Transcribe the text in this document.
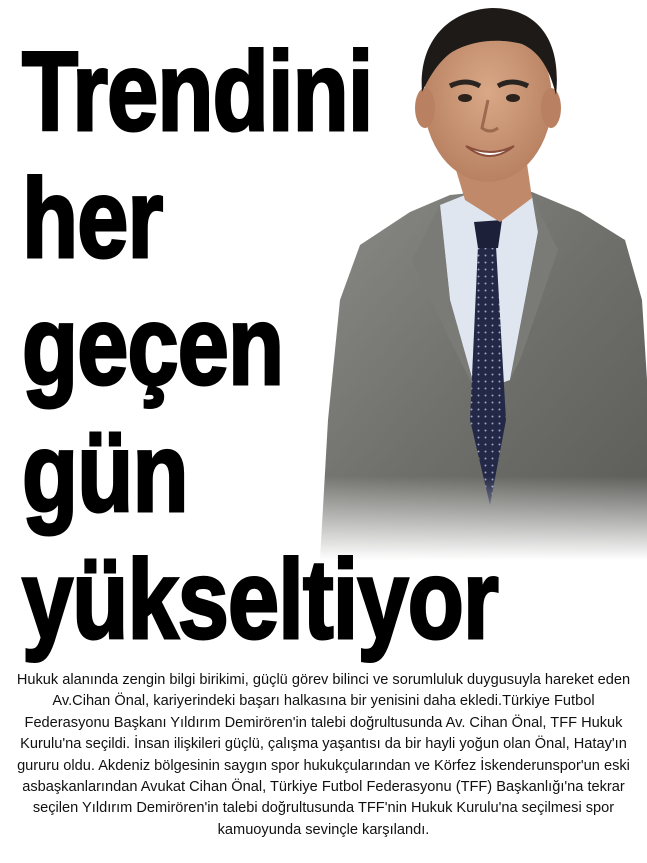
Trendini
her
geçen
gün
yükseltiyor

Hukuk alanında zengin bilgi birikimi, güçlü görev bilinci ve sorumluluk duygusuyla hareket eden Av.Cihan Önal, kariyerindeki başarı halkasına bir yenisini daha ekledi.Türkiye Futbol Federasyonu Başkanı Yıldırım Demirören'in talebi doğrultusunda Av. Cihan Önal, TFF Hukuk Kurulu'na seçildi. İnsan ilişkileri güçlü, çalışma yaşantısı da bir hayli yoğun olan Önal, Hatay'ın gururu oldu. Akdeniz bölgesinin saygın spor hukukçularından ve Körfez İskenderunspor'un eski asbaşkanlarından Avukat Cihan Önal, Türkiye Futbol Federasyonu (TFF) Başkanlığı'na tekrar seçilen Yıldırım Demirören'in talebi doğrultusunda TFF'nin Hukuk Kurulu'na seçilmesi spor kamuoyunda sevinçle karşılandı.
